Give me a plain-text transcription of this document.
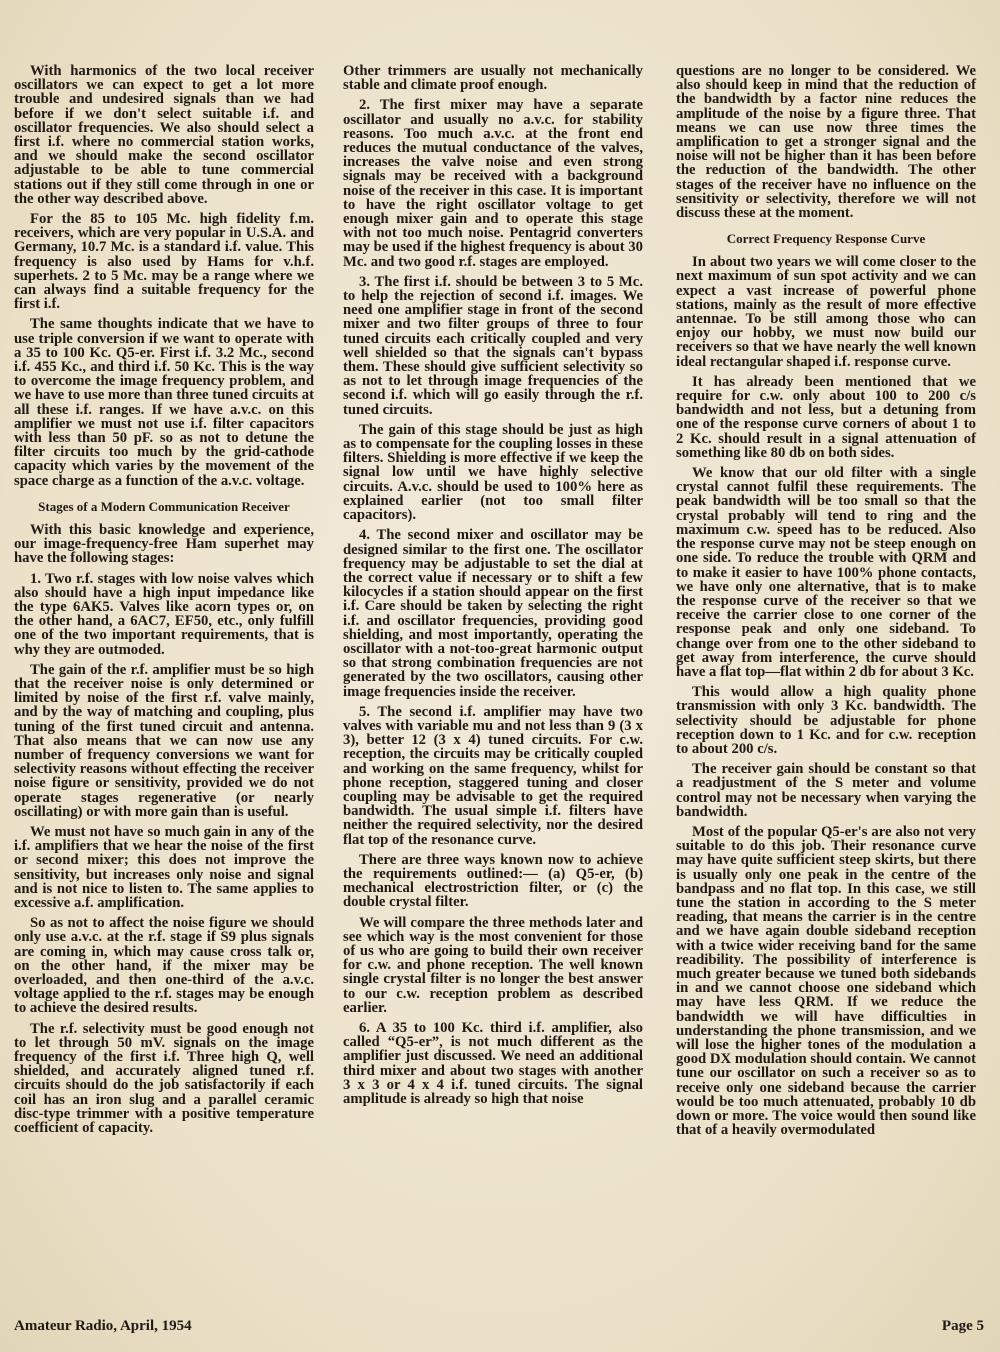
With harmonics of the two local receiver oscillators we can expect to get a lot more trouble and undesired signals than we had before if we don't select suitable i.f. and oscillator frequencies. We also should select a first i.f. where no commercial station works, and we should make the second oscillator adjustable to be able to tune commercial stations out if they still come through in one or the other way described above.

For the 85 to 105 Mc. high fidelity f.m. receivers, which are very popular in U.S.A. and Germany, 10.7 Mc. is a standard i.f. value. This frequency is also used by Hams for v.h.f. superhets. 2 to 5 Mc. may be a range where we can always find a suitable frequency for the first i.f.

The same thoughts indicate that we have to use triple conversion if we want to operate with a 35 to 100 Kc. Q5-er. First i.f. 3.2 Mc., second i.f. 455 Kc., and third i.f. 50 Kc. This is the way to overcome the image frequency problem, and we have to use more than three tuned circuits at all these i.f. ranges. If we have a.v.c. on this amplifier we must not use i.f. filter capacitors with less than 50 pF. so as not to detune the filter circuits too much by the grid-cathode capacity which varies by the movement of the space charge as a function of the a.v.c. voltage.

Stages of a Modern Communication Receiver

With this basic knowledge and experience, our image-frequency-free Ham superhet may have the following stages:

1. Two r.f. stages with low noise valves which also should have a high input impedance like the type 6AK5. Valves like acorn types or, on the other hand, a 6AC7, EF50, etc., only fulfill one of the two important requirements, that is why they are outmoded.

The gain of the r.f. amplifier must be so high that the receiver noise is only determined or limited by noise of the first r.f. valve mainly, and by the way of matching and coupling, plus tuning of the first tuned circuit and antenna. That also means that we can now use any number of frequency conversions we want for selectivity reasons without effecting the receiver noise figure or sensitivity, provided we do not operate stages regenerative (or nearly oscillating) or with more gain than is useful.

We must not have so much gain in any of the i.f. amplifiers that we hear the noise of the first or second mixer; this does not improve the sensitivity, but increases only noise and signal and is not nice to listen to. The same applies to excessive a.f. amplification.

So as not to affect the noise figure we should only use a.v.c. at the r.f. stage if S9 plus signals are coming in, which may cause cross talk or, on the other hand, if the mixer may be overloaded, and then one-third of the a.v.c. voltage applied to the r.f. stages may be enough to achieve the desired results.

The r.f. selectivity must be good enough not to let through 50 mV. signals on the image frequency of the first i.f. Three high Q, well shielded, and accurately aligned tuned r.f. circuits should do the job satisfactorily if each coil has an iron slug and a parallel ceramic disc-type trimmer with a positive temperature coefficient of capacity.

Other trimmers are usually not mechanically stable and climate proof enough.

2. The first mixer may have a separate oscillator and usually no a.v.c. for stability reasons. Too much a.v.c. at the front end reduces the mutual conductance of the valves, increases the valve noise and even strong signals may be received with a background noise of the receiver in this case. It is important to have the right oscillator voltage to get enough mixer gain and to operate this stage with not too much noise. Pentagrid converters may be used if the highest frequency is about 30 Mc. and two good r.f. stages are employed.

3. The first i.f. should be between 3 to 5 Mc. to help the rejection of second i.f. images. We need one amplifier stage in front of the second mixer and two filter groups of three to four tuned circuits each critically coupled and very well shielded so that the signals can't bypass them. These should give sufficient selectivity so as not to let through image frequencies of the second i.f. which will go easily through the r.f. tuned circuits.

The gain of this stage should be just as high as to compensate for the coupling losses in these filters. Shielding is more effective if we keep the signal low until we have highly selective circuits. A.v.c. should be used to 100% here as explained earlier (not too small filter capacitors).

4. The second mixer and oscillator may be designed similar to the first one. The oscillator frequency may be adjustable to set the dial at the correct value if necessary or to shift a few kilocycles if a station should appear on the first i.f. Care should be taken by selecting the right i.f. and oscillator frequencies, providing good shielding, and most importantly, operating the oscillator with a not-too-great harmonic output so that strong combination frequencies are not generated by the two oscillators, causing other image frequencies inside the receiver.

5. The second i.f. amplifier may have two valves with variable mu and not less than 9 (3 x 3), better 12 (3 x 4) tuned circuits. For c.w. reception, the circuits may be critically coupled and working on the same frequency, whilst for phone reception, staggered tuning and closer coupling may be advisable to get the required bandwidth. The usual simple i.f. filters have neither the required selectivity, nor the desired flat top of the resonance curve.

There are three ways known now to achieve the requirements outlined:— (a) Q5-er, (b) mechanical electrostriction filter, or (c) the double crystal filter.

We will compare the three methods later and see which way is the most convenient for those of us who are going to build their own receiver for c.w. and phone reception. The well known single crystal filter is no longer the best answer to our c.w. reception problem as described earlier.

6. A 35 to 100 Kc. third i.f. amplifier, also called “Q5-er”, is not much different as the amplifier just discussed. We need an additional third mixer and about two stages with another 3 x 3 or 4 x 4 i.f. tuned circuits. The signal amplitude is already so high that noise

questions are no longer to be considered. We also should keep in mind that the reduction of the bandwidth by a factor nine reduces the amplitude of the noise by a figure three. That means we can use now three times the amplification to get a stronger signal and the noise will not be higher than it has been before the reduction of the bandwidth. The other stages of the receiver have no influence on the sensitivity or selectivity, therefore we will not discuss these at the moment.

Correct Frequency Response Curve

In about two years we will come closer to the next maximum of sun spot activity and we can expect a vast increase of powerful phone stations, mainly as the result of more effective antennae. To be still among those who can enjoy our hobby, we must now build our receivers so that we have nearly the well known ideal rectangular shaped i.f. response curve.

It has already been mentioned that we require for c.w. only about 100 to 200 c/s bandwidth and not less, but a detuning from one of the response curve corners of about 1 to 2 Kc. should result in a signal attenuation of something like 80 db on both sides.

We know that our old filter with a single crystal cannot fulfil these requirements. The peak bandwidth will be too small so that the crystal probably will tend to ring and the maximum c.w. speed has to be reduced. Also the response curve may not be steep enough on one side. To reduce the trouble with QRM and to make it easier to have 100% phone contacts, we have only one alternative, that is to make the response curve of the receiver so that we receive the carrier close to one corner of the response peak and only one sideband. To change over from one to the other sideband to get away from interference, the curve should have a flat top—flat within 2 db for about 3 Kc.

This would allow a high quality phone transmission with only 3 Kc. bandwidth. The selectivity should be adjustable for phone reception down to 1 Kc. and for c.w. reception to about 200 c/s.

The receiver gain should be constant so that a readjustment of the S meter and volume control may not be necessary when varying the bandwidth.

Most of the popular Q5-er's are also not very suitable to do this job. Their resonance curve may have quite sufficient steep skirts, but there is usually only one peak in the centre of the bandpass and no flat top. In this case, we still tune the station in according to the S meter reading, that means the carrier is in the centre and we have again double sideband reception with a twice wider receiving band for the same readibility. The possibility of interference is much greater because we tuned both sidebands in and we cannot choose one sideband which may have less QRM. If we reduce the bandwidth we will have difficulties in understanding the phone transmission, and we will lose the higher tones of the modulation a good DX modulation should contain. We cannot tune our oscillator on such a receiver so as to receive only one sideband because the carrier would be too much attenuated, probably 10 db down or more. The voice would then sound like that of a heavily overmodulated

Amateur Radio, April, 1954	Page 5
